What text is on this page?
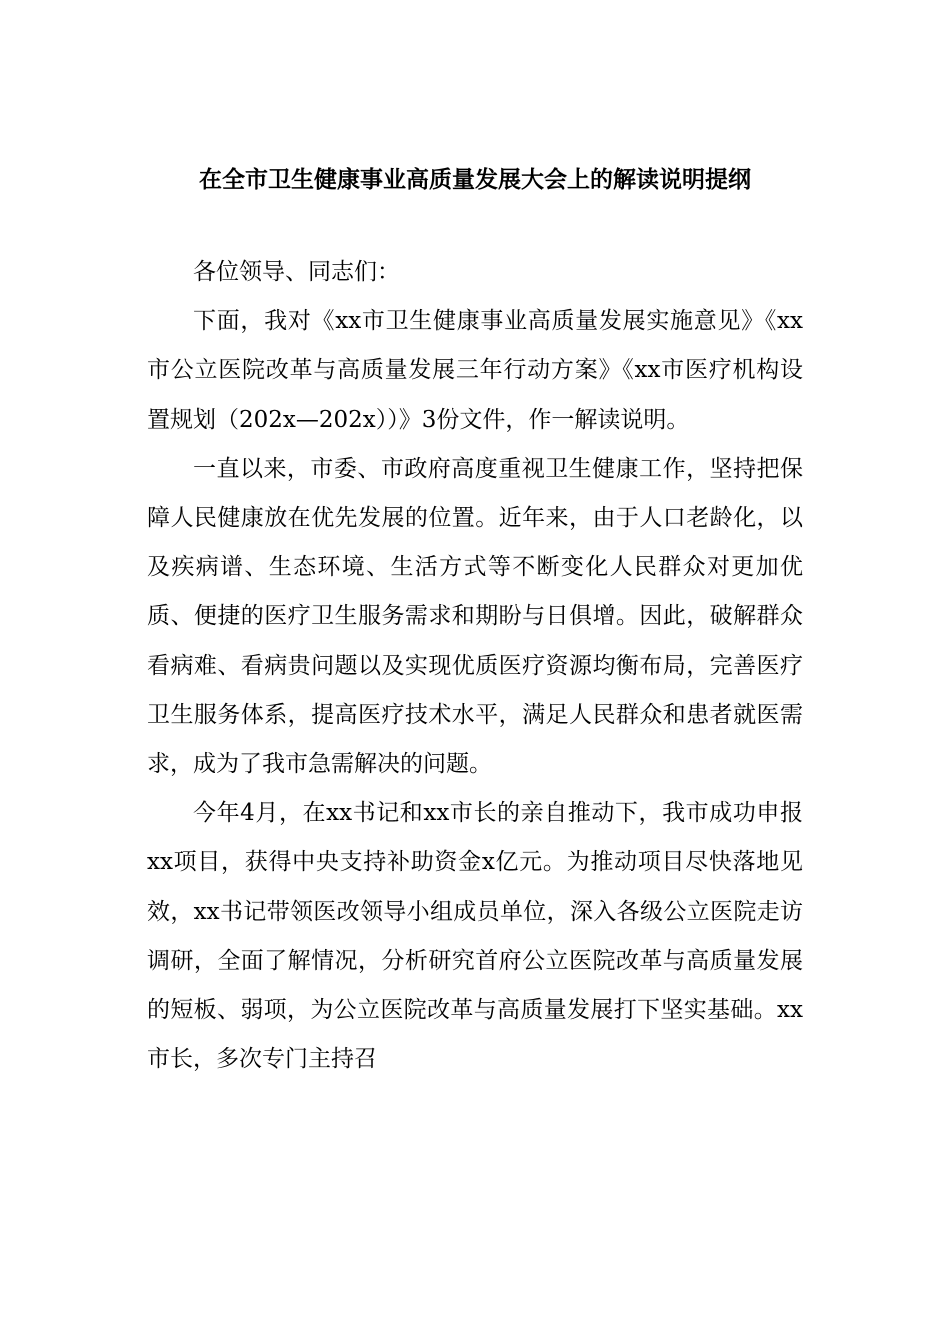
在全市卫生健康事业高质量发展大会上的解读说明提纲

各位领导、同志们：

下面，我对《xx市卫生健康事业高质量发展实施意见》《xx市公立医院改革与高质量发展三年行动方案》《xx市医疗机构设置规划（202x—202x））》3份文件，作一解读说明。

一直以来，市委、市政府高度重视卫生健康工作，坚持把保障人民健康放在优先发展的位置。近年来，由于人口老龄化，以及疾病谱、生态环境、生活方式等不断变化人民群众对更加优质、便捷的医疗卫生服务需求和期盼与日俱增。因此，破解群众看病难、看病贵问题以及实现优质医疗资源均衡布局，完善医疗卫生服务体系，提高医疗技术水平，满足人民群众和患者就医需求，成为了我市急需解决的问题。

今年4月，在xx书记和xx市长的亲自推动下，我市成功申报xx项目，获得中央支持补助资金x亿元。为推动项目尽快落地见效，xx书记带领医改领导小组成员单位，深入各级公立医院走访调研，全面了解情况，分析研究首府公立医院改革与高质量发展的短板、弱项，为公立医院改革与高质量发展打下坚实基础。xx市长，多次专门主持召
